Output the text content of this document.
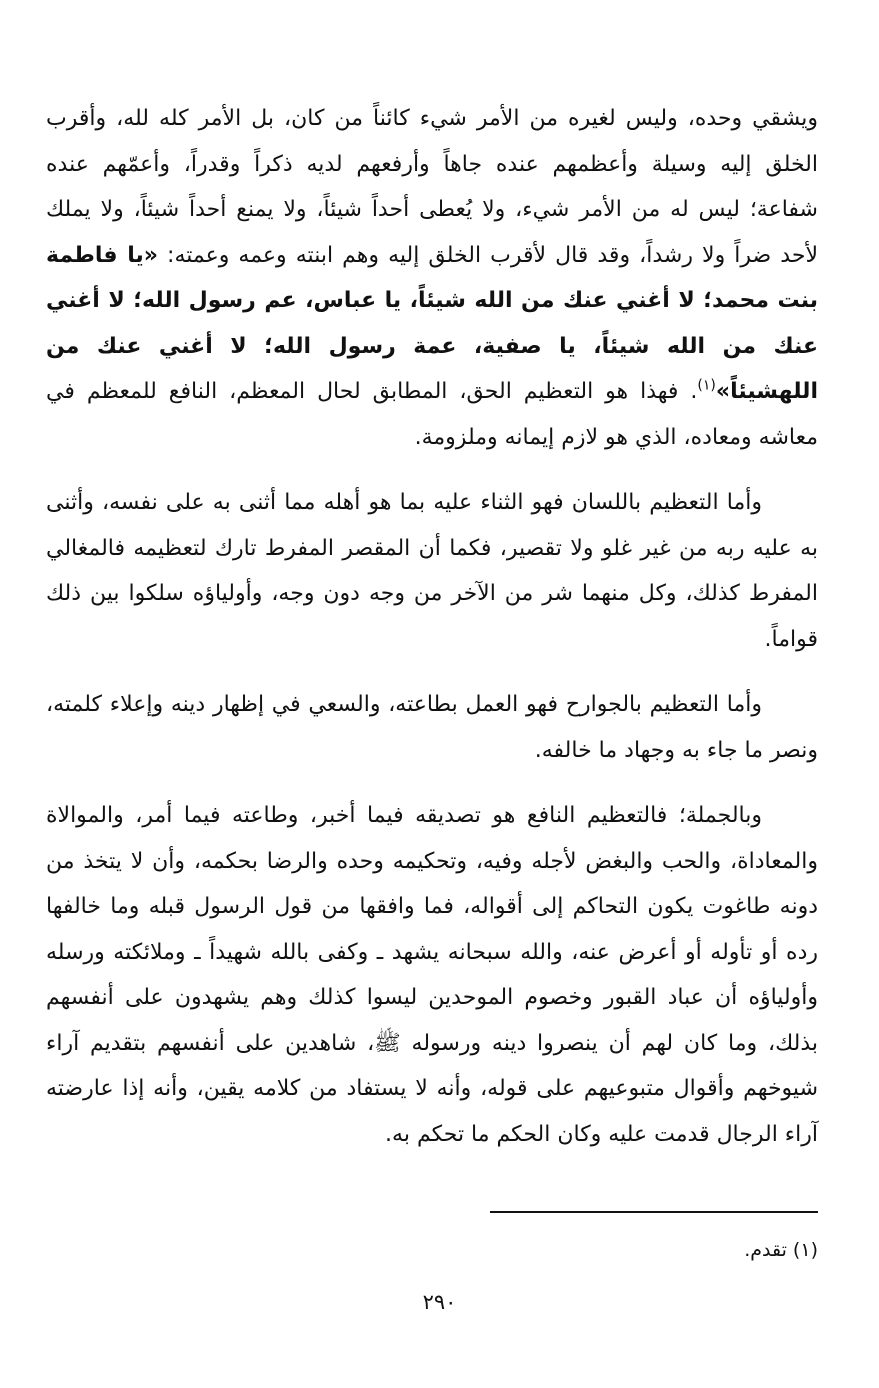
ويشقي وحده، وليس لغيره من الأمر شيء كائناً من كان، بل الأمر كله لله، وأقرب الخلق إليه وسيلة وأعظمهم عنده جاهاً وأرفعهم لديه ذكراً وقدراً، وأعمّهم عنده شفاعة؛ ليس له من الأمر شيء، ولا يُعطى أحداً شيئاً، ولا يمنع أحداً شيئاً، ولا يملك لأحد ضراً ولا رشداً، وقد قال لأقرب الخلق إليه وهم ابنته وعمه وعمته: «يا فاطمة بنت محمد؛ لا أغني عنك من الله شيئاً، يا عباس، عم رسول الله؛ لا أغني عنك من الله شيئاً، يا صفية، عمة رسول الله؛ لا أغني عنك من اللهشيئاً»$^{(١)}$. فهذا هو التعظيم الحق، المطابق لحال المعظم، النافع للمعظم في معاشه ومعاده، الذي هو لازم إيمانه وملزومة.

وأما التعظيم باللسان فهو الثناء عليه بما هو أهله مما أثنى به على نفسه، وأثنى به عليه ربه من غير غلو ولا تقصير، فكما أن المقصر المفرط تارك لتعظيمه فالمغالي المفرط كذلك، وكل منهما شر من الآخر من وجه دون وجه، وأولياؤه سلكوا بين ذلك قواماً.

وأما التعظيم بالجوارح فهو العمل بطاعته، والسعي في إظهار دينه وإعلاء كلمته، ونصر ما جاء به وجهاد ما خالفه.

وبالجملة؛ فالتعظيم النافع هو تصديقه فيما أخبر، وطاعته فيما أمر، والموالاة والمعاداة، والحب والبغض لأجله وفيه، وتحكيمه وحده والرضا بحكمه، وأن لا يتخذ من دونه طاغوت يكون التحاكم إلى أقواله، فما وافقها من قول الرسول قبله وما خالفها رده أو تأوله أو أعرض عنه، والله سبحانه يشهد ـ وكفى بالله شهيداً ـ وملائكته ورسله وأولياؤه أن عباد القبور وخصوم الموحدين ليسوا كذلك وهم يشهدون على أنفسهم بذلك، وما كان لهم أن ينصروا دينه ورسوله ﷺ، شاهدين على أنفسهم بتقديم آراء شيوخهم وأقوال متبوعيهم على قوله، وأنه لا يستفاد من كلامه يقين، وأنه إذا عارضته آراء الرجال قدمت عليه وكان الحكم ما تحكم به.

(١) تقدم.
٢٩٠
